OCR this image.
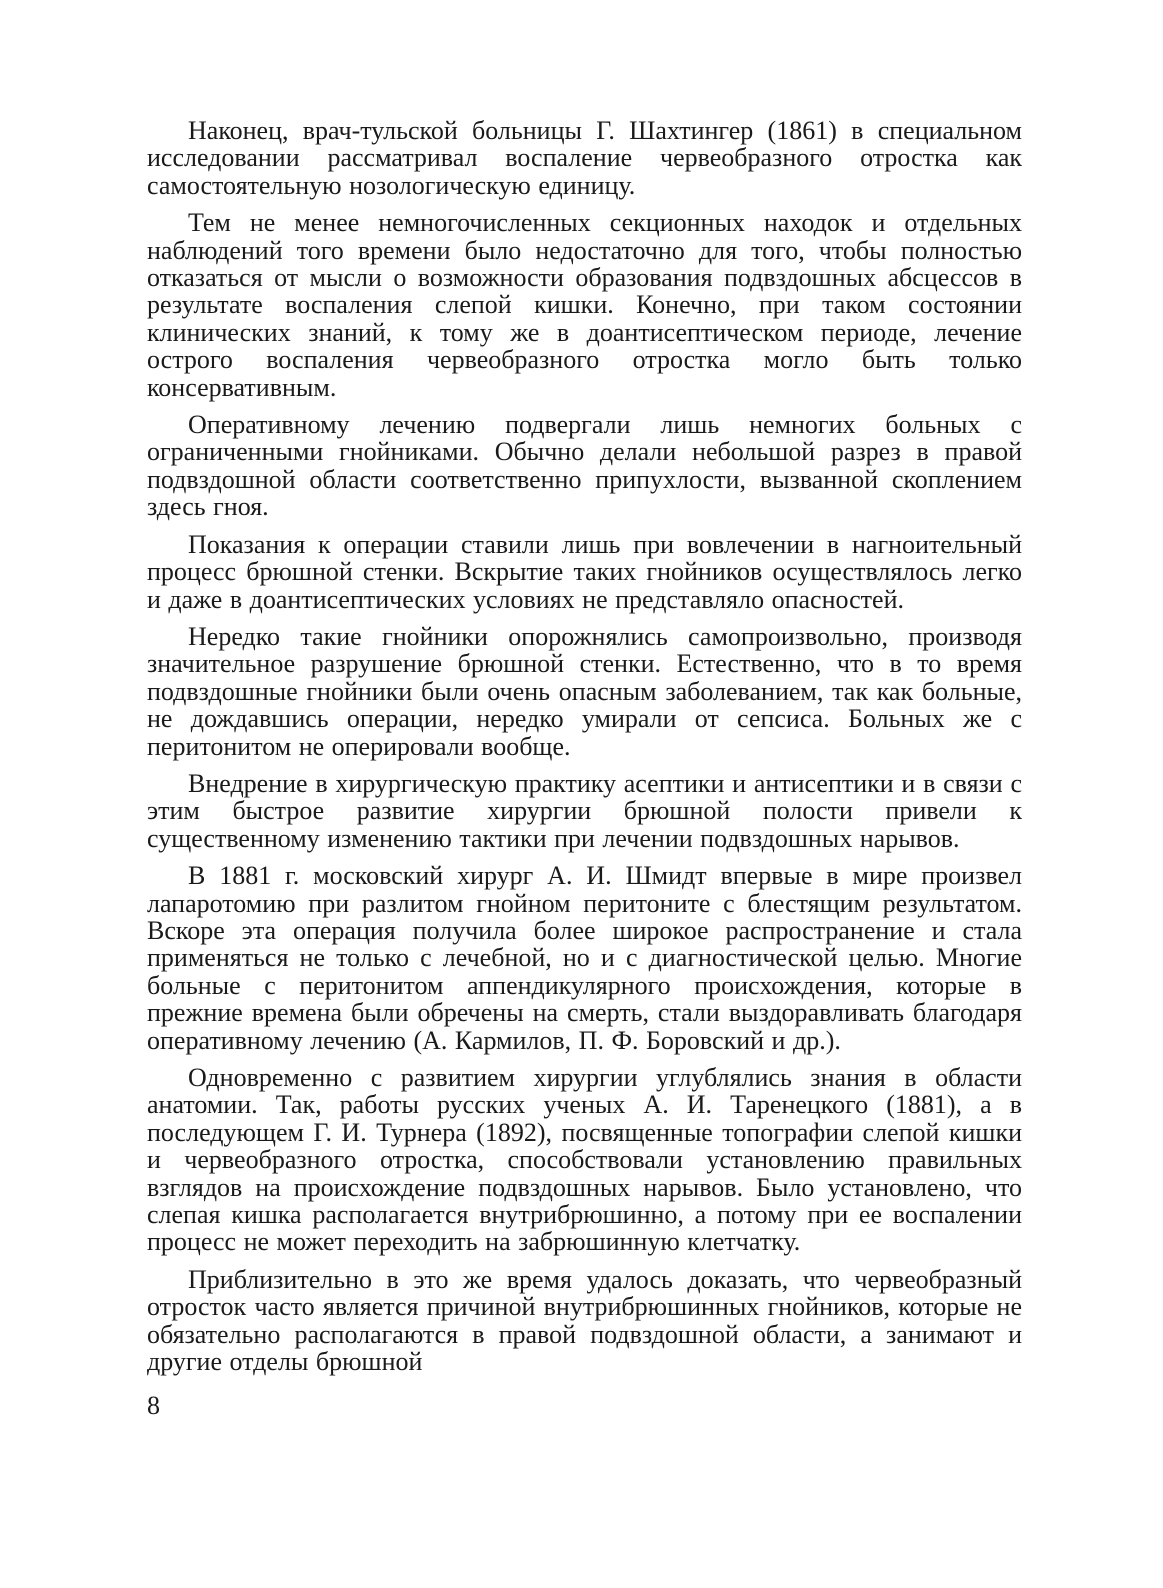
Наконец, врач-тульской больницы Г. Шахтингер (1861) в специальном исследовании рассматривал воспаление червеобразного отростка как самостоятельную нозологическую единицу.

Тем не менее немногочисленных секционных находок и отдельных наблюдений того времени было недостаточно для того, чтобы полностью отказаться от мысли о возможности образования подвздошных абсцессов в результате воспаления слепой кишки. Конечно, при таком состоянии клинических знаний, к тому же в доантисептическом периоде, лечение острого воспаления червеобразного отростка могло быть только консервативным.

Оперативному лечению подвергали лишь немногих больных с ограниченными гнойниками. Обычно делали небольшой разрез в правой подвздошной области соответственно припухлости, вызванной скоплением здесь гноя.

Показания к операции ставили лишь при вовлечении в нагноительный процесс брюшной стенки. Вскрытие таких гнойников осуществлялось легко и даже в доантисептических условиях не представляло опасностей.

Нередко такие гнойники опорожнялись самопроизвольно, производя значительное разрушение брюшной стенки. Естественно, что в то время подвздошные гнойники были очень опасным заболеванием, так как больные, не дождавшись операции, нередко умирали от сепсиса. Больных же с перитонитом не оперировали вообще.

Внедрение в хирургическую практику асептики и антисептики и в связи с этим быстрое развитие хирургии брюшной полости привели к существенному изменению тактики при лечении подвздошных нарывов.

В 1881 г. московский хирург А. И. Шмидт впервые в мире произвел лапаротомию при разлитом гнойном перитоните с блестящим результатом. Вскоре эта операция получила более широкое распространение и стала применяться не только с лечебной, но и с диагностической целью. Многие больные с перитонитом аппендикулярного происхождения, которые в прежние времена были обречены на смерть, стали выздоравливать благодаря оперативному лечению (А. Кармилов, П. Ф. Боровский и др.).

Одновременно с развитием хирургии углублялись знания в области анатомии. Так, работы русских ученых А. И. Таренецкого (1881), а в последующем Г. И. Турнера (1892), посвященные топографии слепой кишки и червеобразного отростка, способствовали установлению правильных взглядов на происхождение подвздошных нарывов. Было установлено, что слепая кишка располагается внутрибрюшинно, а потому при ее воспалении процесс не может переходить на забрюшинную клетчатку.

Приблизительно в это же время удалось доказать, что червеобразный отросток часто является причиной внутрибрюшинных гнойников, которые не обязательно располагаются в правой подвздошной области, а занимают и другие отделы брюшной

8
